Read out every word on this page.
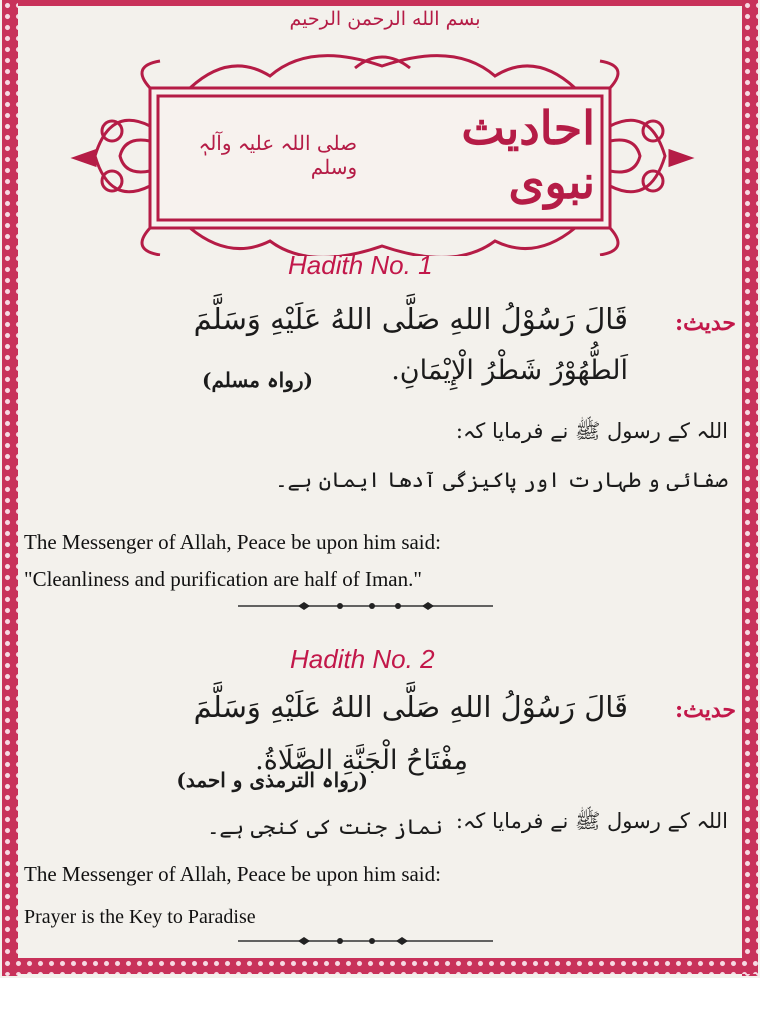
بسم الله الرحمن الرحيم
احادیث نبوی
صلی اللہ علیہ وآلہٖ وسلم
Hadith No. 1
حدیث:
قَالَ رَسُوْلُ اللهِ صَلَّى اللهُ عَلَيْهِ وَسَلَّمَ
اَلطُّهُوْرُ شَطْرُ الْإِيْمَانِ.
(رواہ مسلم)
اللہ کے رسول ﷺ نے فرمایا کہ:
صفائی و طہارت اور پاکیزگی آدھا ایمان ہے۔
The Messenger of Allah, Peace be upon him said:
"Cleanliness and purification are half of Iman."
Hadith No. 2
حدیث:
قَالَ رَسُوْلُ اللهِ صَلَّى اللهُ عَلَيْهِ وَسَلَّمَ
مِفْتَاحُ الْجَنَّةِ الصَّلَاةُ.
(رواہ الترمذی و احمد)
اللہ کے رسول ﷺ نے فرمایا کہ:
نماز جنت کی کنجی ہے۔
The Messenger of Allah, Peace be upon him said:
Prayer is the Key to Paradise
